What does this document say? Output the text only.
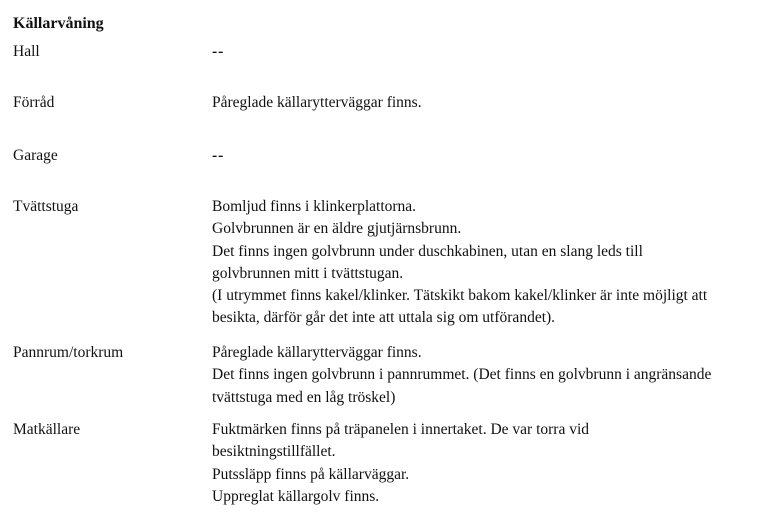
Källarvåning
Hall	--
Förråd	Påreglade källarytterväggar finns.
Garage	--
Tvättstuga	Bomljud finns i klinkerplattorna.
Golvbrunnen är en äldre gjutjärnsbrunn.
Det finns ingen golvbrunn under duschkabinen, utan en slang leds till
golvbrunnen mitt i tvättstugan.
(I utrymmet finns kakel/klinker. Tätskikt bakom kakel/klinker är inte möjligt att
besikta, därför går det inte att uttala sig om utförandet).
Pannrum/torkrum	Påreglade källarytterväggar finns.
Det finns ingen golvbrunn i pannrummet. (Det finns en golvbrunn i angränsande
tvättstuga med en låg tröskel)
Matkällare	Fuktmärken finns på träpanelen i innertaket. De var torra vid
besiktningstillfället.
Putssläpp finns på källarväggar.
Uppreglat källargolv finns.
